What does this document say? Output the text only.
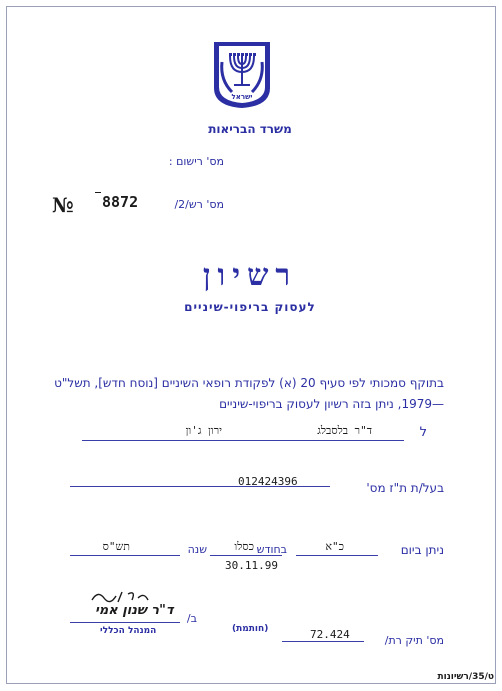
ישראל
משרד הבריאות
מס' רישום :
№ 8872	מס' רש/2/
רשיון
לעסוק בריפוי-שיניים
בתוקף סמכותי לפי סעיף 20 (א) לפקודת רופאי השיניים [נוסח חדש], תשל"ט—1979, ניתן בזה רשיון לעסוק בריפוי-שיניים
ל
ד"ר בלסבלג
ירון ג'ון
012424396	בעל/ת ת"ז מס'
ניתן ביום
כ"א
בחודש
כסלו
שנה
תש"ס
30.11.99
ד"ר שנון אמי
ב/
המנהל הכללי	(חותמת)	72.424	מס' תיק רת/
ט/35/רשיונות
